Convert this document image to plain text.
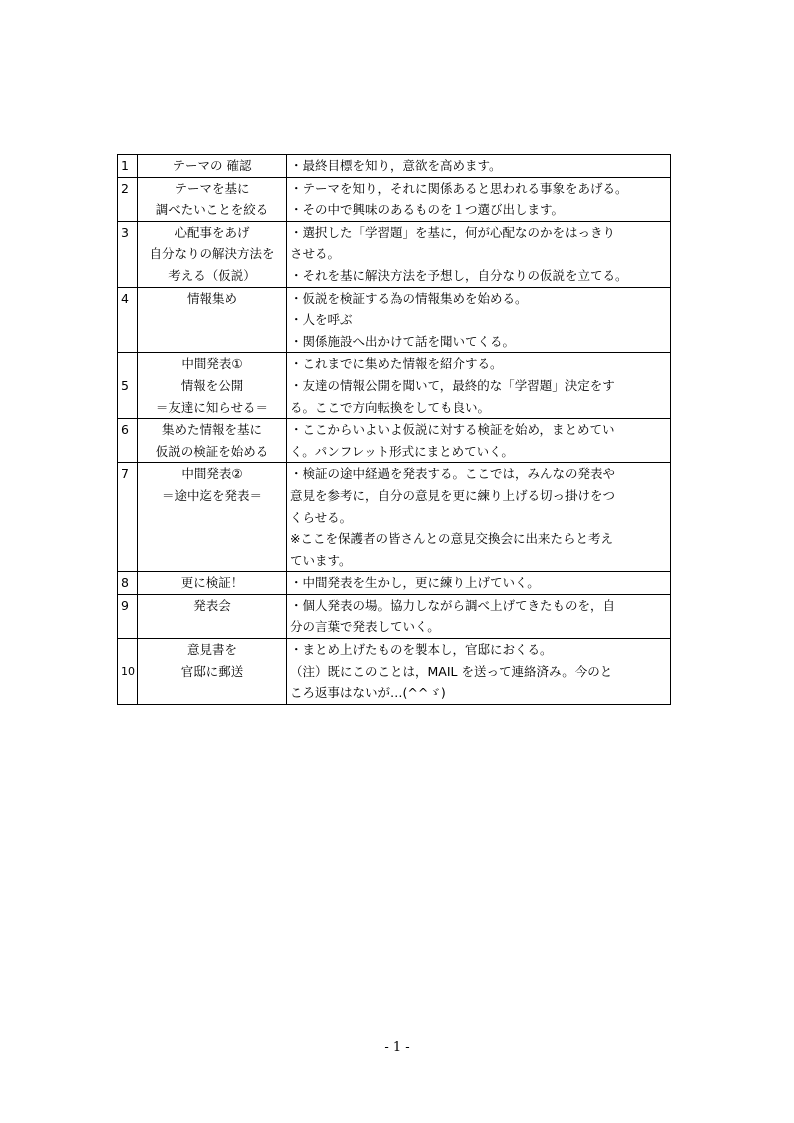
1	テーマの 確認	・最終目標を知り，意欲を高めます。

2	テーマを基に
調べたいことを絞る	・テーマを知り，それに関係あると思われる事象をあげる。
・その中で興味のあるものを１つ選び出します。

3	心配事をあげ
自分なりの解決方法を
考える（仮説）	・選択した「学習題」を基に，何が心配なのかをはっきり
させる。
・それを基に解決方法を予想し，自分なりの仮説を立てる。

4	情報集め	・仮説を検証する為の情報集めを始める。
・人を呼ぶ
・関係施設へ出かけて話を聞いてくる。

5	中間発表①
情報を公開
＝友達に知らせる＝	・これまでに集めた情報を紹介する。
・友達の情報公開を聞いて，最終的な「学習題」決定をす
る。ここで方向転換をしても良い。

6	集めた情報を基に
仮説の検証を始める	・ここからいよいよ仮説に対する検証を始め，まとめてい
く。パンフレット形式にまとめていく。

7	中間発表②
＝途中迄を発表＝	・検証の途中経過を発表する。ここでは，みんなの発表や
意見を参考に，自分の意見を更に練り上げる切っ掛けをつ
くらせる。
※ここを保護者の皆さんとの意見交換会に出来たらと考え
ています。

8	更に検証！	・中間発表を生かし，更に練り上げていく。

9	発表会	・個人発表の場。協力しながら調べ上げてきたものを，自
分の言葉で発表していく。

10	意見書を
官邸に郵送	・まとめ上げたものを製本し，官邸におくる。
（注）既にこのことは，MAIL を送って連絡済み。今のと
ころ返事はないが…(^^ゞ)
- 1 -
